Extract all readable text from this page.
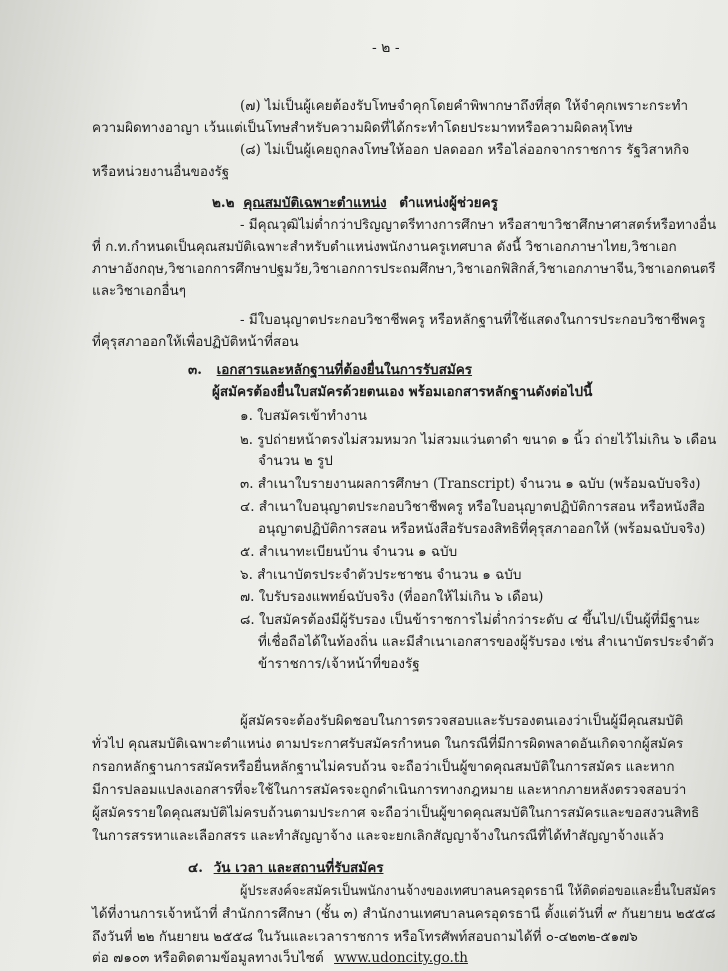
- ๒ -
(๗) ไม่เป็นผู้เคยต้องรับโทษจำคุกโดยคำพิพากษาถึงที่สุด ให้จำคุกเพราะกระทำ
ความผิดทางอาญา เว้นแต่เป็นโทษสำหรับความผิดที่ได้กระทำโดยประมาทหรือความผิดลหุโทษ
(๘) ไม่เป็นผู้เคยถูกลงโทษให้ออก ปลดออก หรือไล่ออกจากราชการ รัฐวิสาหกิจ
หรือหน่วยงานอื่นของรัฐ
๒.๒ คุณสมบัติเฉพาะตำแหน่ง ตำแหน่งผู้ช่วยครู
- มีคุณวุฒิไม่ต่ำกว่าปริญญาตรีทางการศึกษา หรือสาขาวิชาศึกษาศาสตร์หรือทางอื่น
ที่ ก.ท.กำหนดเป็นคุณสมบัติเฉพาะสำหรับตำแหน่งพนักงานครูเทศบาล ดังนี้ วิชาเอกภาษาไทย,วิชาเอก
ภาษาอังกฤษ,วิชาเอกการศึกษาปฐมวัย,วิชาเอกการประถมศึกษา,วิชาเอกฟิสิกส์,วิชาเอกภาษาจีน,วิชาเอกดนตรี
และวิชาเอกอื่นๆ
- มีใบอนุญาตประกอบวิชาชีพครู หรือหลักฐานที่ใช้แสดงในการประกอบวิชาชีพครู
ที่คุรุสภาออกให้เพื่อปฏิบัติหน้าที่สอน
๓. เอกสารและหลักฐานที่ต้องยื่นในการรับสมัคร
ผู้สมัครต้องยื่นใบสมัครด้วยตนเอง พร้อมเอกสารหลักฐานดังต่อไปนี้
๑. ใบสมัครเข้าทำงาน
๒. รูปถ่ายหน้าตรงไม่สวมหมวก ไม่สวมแว่นตาดำ ขนาด ๑ นิ้ว ถ่ายไว้ไม่เกิน ๖ เดือน
จำนวน ๒ รูป
๓. สำเนาใบรายงานผลการศึกษา (Transcript) จำนวน ๑ ฉบับ (พร้อมฉบับจริง)
๔. สำเนาใบอนุญาตประกอบวิชาชีพครู หรือใบอนุญาตปฏิบัติการสอน หรือหนังสือ
อนุญาตปฏิบัติการสอน หรือหนังสือรับรองสิทธิที่คุรุสภาออกให้ (พร้อมฉบับจริง)
๕. สำเนาทะเบียนบ้าน จำนวน ๑ ฉบับ
๖. สำเนาบัตรประจำตัวประชาชน จำนวน ๑ ฉบับ
๗. ใบรับรองแพทย์ฉบับจริง (ที่ออกให้ไม่เกิน ๖ เดือน)
๘. ใบสมัครต้องมีผู้รับรอง เป็นข้าราชการไม่ต่ำกว่าระดับ ๔ ขึ้นไป/เป็นผู้ที่มีฐานะ
ที่เชื่อถือได้ในท้องถิ่น และมีสำเนาเอกสารของผู้รับรอง เช่น สำเนาบัตรประจำตัว
ข้าราชการ/เจ้าหน้าที่ของรัฐ
ผู้สมัครจะต้องรับผิดชอบในการตรวจสอบและรับรองตนเองว่าเป็นผู้มีคุณสมบัติ
ทั่วไป คุณสมบัติเฉพาะตำแหน่ง ตามประกาศรับสมัครกำหนด ในกรณีที่มีการผิดพลาดอันเกิดจากผู้สมัคร
กรอกหลักฐานการสมัครหรือยื่นหลักฐานไม่ครบถ้วน จะถือว่าเป็นผู้ขาดคุณสมบัติในการสมัคร และหาก
มีการปลอมแปลงเอกสารที่จะใช้ในการสมัครจะถูกดำเนินการทางกฎหมาย และหากภายหลังตรวจสอบว่า
ผู้สมัครรายใดคุณสมบัติไม่ครบถ้วนตามประกาศ จะถือว่าเป็นผู้ขาดคุณสมบัติในการสมัครและขอสงวนสิทธิ
ในการสรรหาและเลือกสรร และทำสัญญาจ้าง และจะยกเลิกสัญญาจ้างในกรณีที่ได้ทำสัญญาจ้างแล้ว
๔. วัน เวลา และสถานที่รับสมัคร
ผู้ประสงค์จะสมัครเป็นพนักงานจ้างของเทศบาลนครอุดรธานี ให้ติดต่อขอและยื่นใบสมัคร
ได้ที่งานการเจ้าหน้าที่ สำนักการศึกษา (ชั้น ๓) สำนักงานเทศบาลนครอุดรธานี ตั้งแต่วันที่ ๙ กันยายน ๒๕๕๘
ถึงวันที่ ๒๒ กันยายน ๒๕๕๘ ในวันและเวลาราชการ หรือโทรศัพท์สอบถามได้ที่ ๐-๔๒๓๒-๕๑๗๖
ต่อ ๗๑๐๓ หรือติดตามข้อมูลทางเว็บไซต์ www.udoncity.go.th
